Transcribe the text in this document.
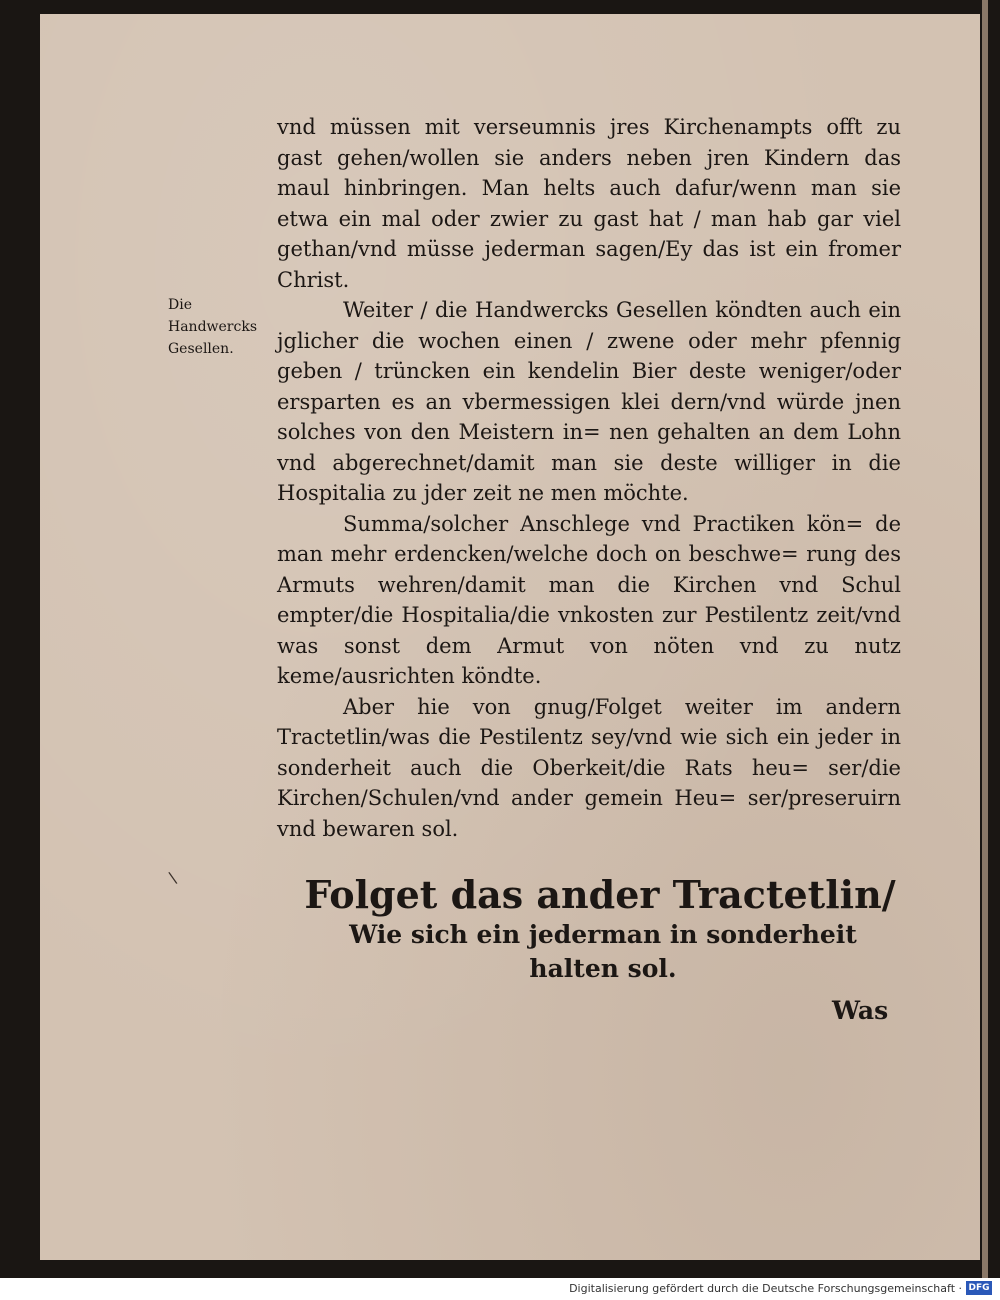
Die Handwercks Gesellen.

vnd müssen mit verseumnis jres Kirchenampts offt zu gast gehen/wollen sie anders neben jren Kindern das maul hinbringen. Man helts auch dafur/wenn man sie etwa ein mal oder zwier zu gast hat / man hab gar viel gethan/vnd müsse jederman sagen/Ey das ist ein fromer Christ.

Weiter / die Handwercks Gesellen köndten auch ein jglicher die wochen einen / zwene oder mehr pfennig geben / trüncken ein kendelin Bier deste weniger/oder ersparten es an vbermessigen klei dern/vnd würde jnen solches von den Meistern in= nen gehalten an dem Lohn vnd abgerechnet/damit man sie deste williger in die Hospitalia zu jder zeit ne men möchte.

Summa/solcher Anschlege vnd Practiken kön= de man mehr erdencken/welche doch on beschwe= rung des Armuts wehren/damit man die Kirchen vnd Schul empter/die Hospitalia/die vnkosten zur Pestilentz zeit/vnd was sonst dem Armut von nöten vnd zu nutz keme/ausrichten köndte.

Aber hie von gnug/Folget weiter im andern Tractetlin/was die Pestilentz sey/vnd wie sich ein jeder in sonderheit auch die Oberkeit/die Rats heu= ser/die Kirchen/Schulen/vnd ander gemein Heu= ser/preseruirn vnd bewaren sol.

\	Folget das ander Tractetlin/
Wie sich ein jederman in sonderheit
halten sol.
Was
Digitalisierung gefördert durch die Deutsche Forschungsgemeinschaft · DFG
